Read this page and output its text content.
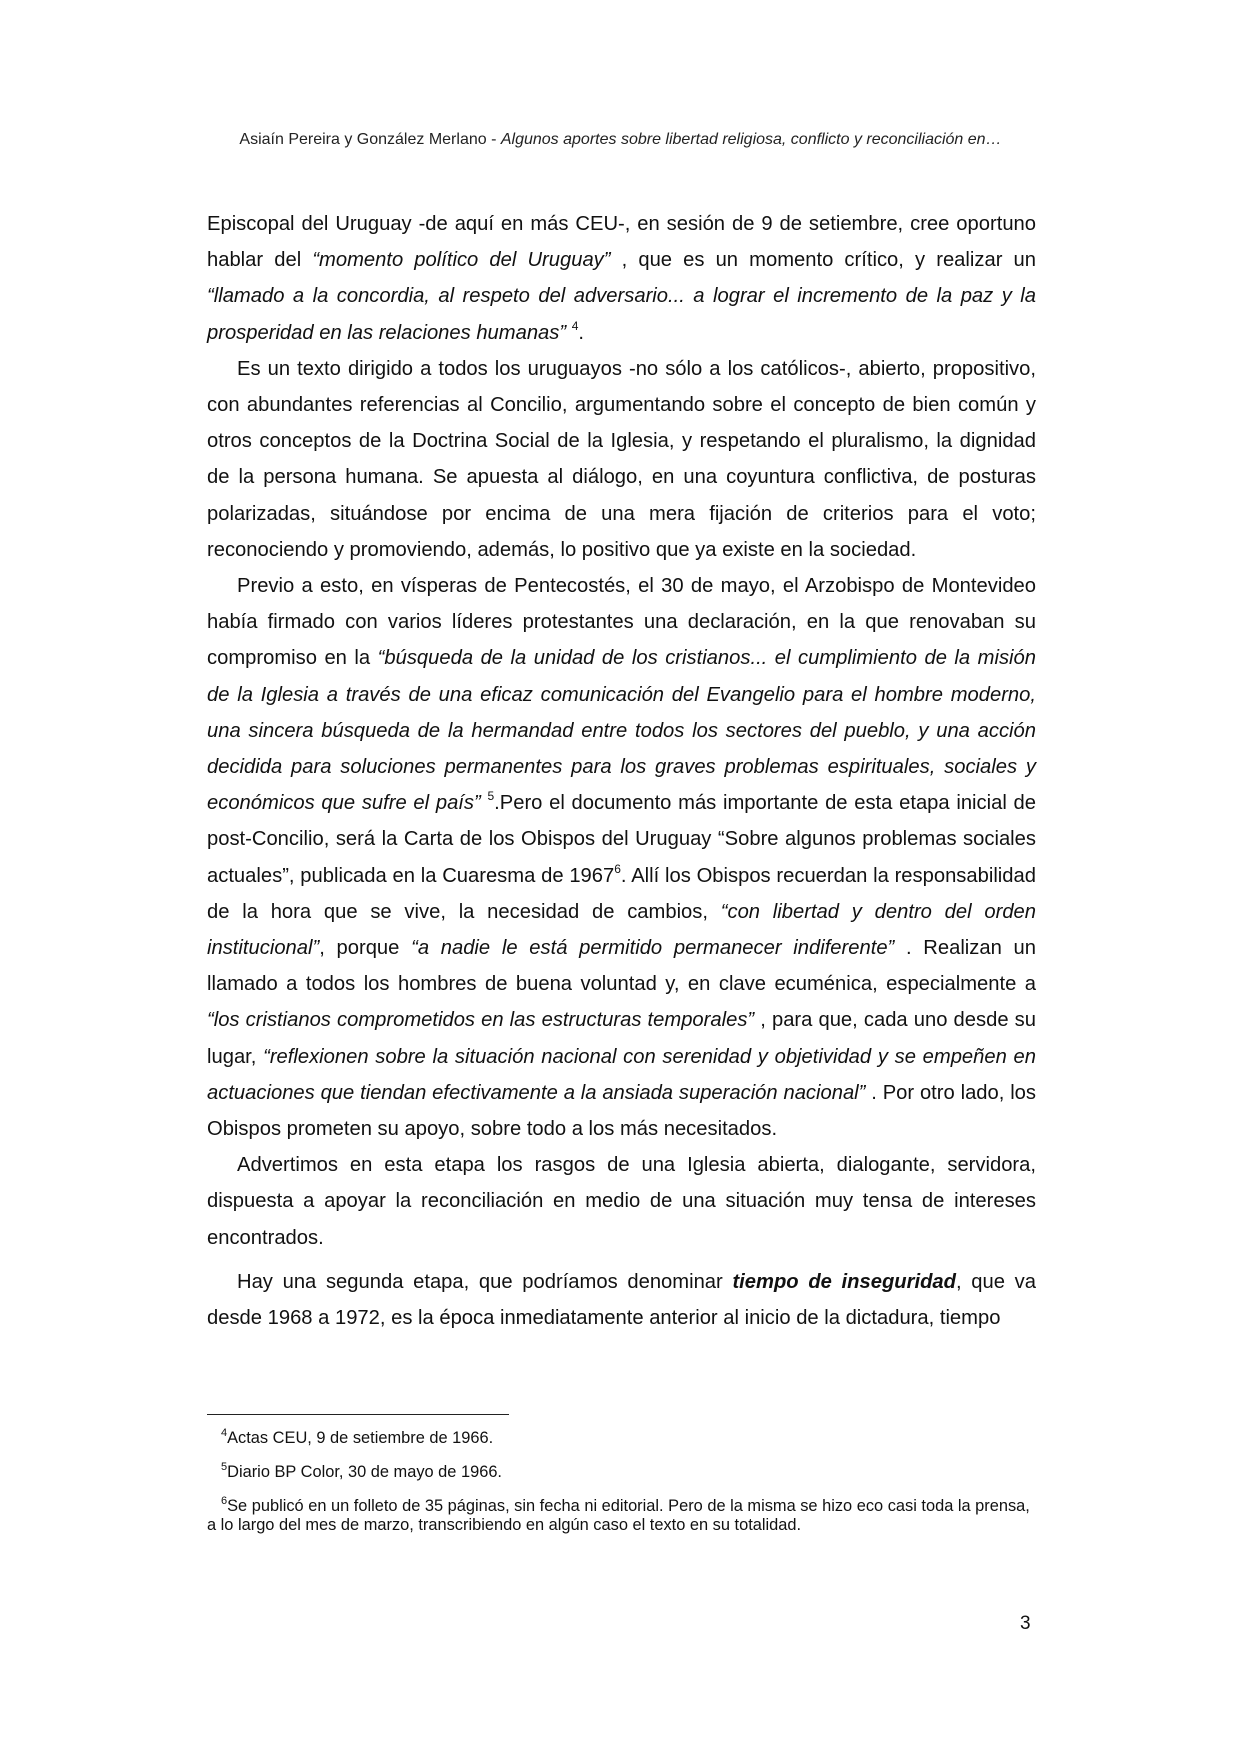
Asiaín Pereira y González Merlano - Algunos aportes sobre libertad religiosa, conflicto y reconciliación en…

Episcopal del Uruguay -de aquí en más CEU-, en sesión de 9 de setiembre, cree oportuno hablar del “momento político del Uruguay” , que es un momento crítico, y realizar un “llamado a la concordia, al respeto del adversario... a lograr el incremento de la paz y la prosperidad en las relaciones humanas” $^4$.

Es un texto dirigido a todos los uruguayos -no sólo a los católicos-, abierto, propositivo, con abundantes referencias al Concilio, argumentando sobre el concepto de bien común y otros conceptos de la Doctrina Social de la Iglesia, y respetando el pluralismo, la dignidad de la persona humana. Se apuesta al diálogo, en una coyuntura conflictiva, de posturas polarizadas, situándose por encima de una mera fijación de criterios para el voto; reconociendo y promoviendo, además, lo positivo que ya existe en la sociedad.

Previo a esto, en vísperas de Pentecostés, el 30 de mayo, el Arzobispo de Montevideo había firmado con varios líderes protestantes una declaración, en la que renovaban su compromiso en la “búsqueda de la unidad de los cristianos... el cumplimiento de la misión de la Iglesia a través de una eficaz comunicación del Evangelio para el hombre moderno, una sincera búsqueda de la hermandad entre todos los sectores del pueblo, y una acción decidida para soluciones permanentes para los graves problemas espirituales, sociales y económicos que sufre el país” $^5$.Pero el documento más importante de esta etapa inicial de post-Concilio, será la Carta de los Obispos del Uruguay “Sobre algunos problemas sociales actuales”, publicada en la Cuaresma de 1967$^6$. Allí los Obispos recuerdan la responsabilidad de la hora que se vive, la necesidad de cambios, “con libertad y dentro del orden institucional”, porque “a nadie le está permitido permanecer indiferente” . Realizan un llamado a todos los hombres de buena voluntad y, en clave ecuménica, especialmente a “los cristianos comprometidos en las estructuras temporales” , para que, cada uno desde su lugar, “reflexionen sobre la situación nacional con serenidad y objetividad y se empeñen en actuaciones que tiendan efectivamente a la ansiada superación nacional” . Por otro lado, los Obispos prometen su apoyo, sobre todo a los más necesitados.

Advertimos en esta etapa los rasgos de una Iglesia abierta, dialogante, servidora, dispuesta a apoyar la reconciliación en medio de una situación muy tensa de intereses encontrados.

Hay una segunda etapa, que podríamos denominar tiempo de inseguridad, que va desde 1968 a 1972, es la época inmediatamente anterior al inicio de la dictadura, tiempo

$^4$Actas CEU, 9 de setiembre de 1966.

$^5$Diario BP Color, 30 de mayo de 1966.

$^6$Se publicó en un folleto de 35 páginas, sin fecha ni editorial. Pero de la misma se hizo eco casi toda la prensa, a lo largo del mes de marzo, transcribiendo en algún caso el texto en su totalidad.

3
